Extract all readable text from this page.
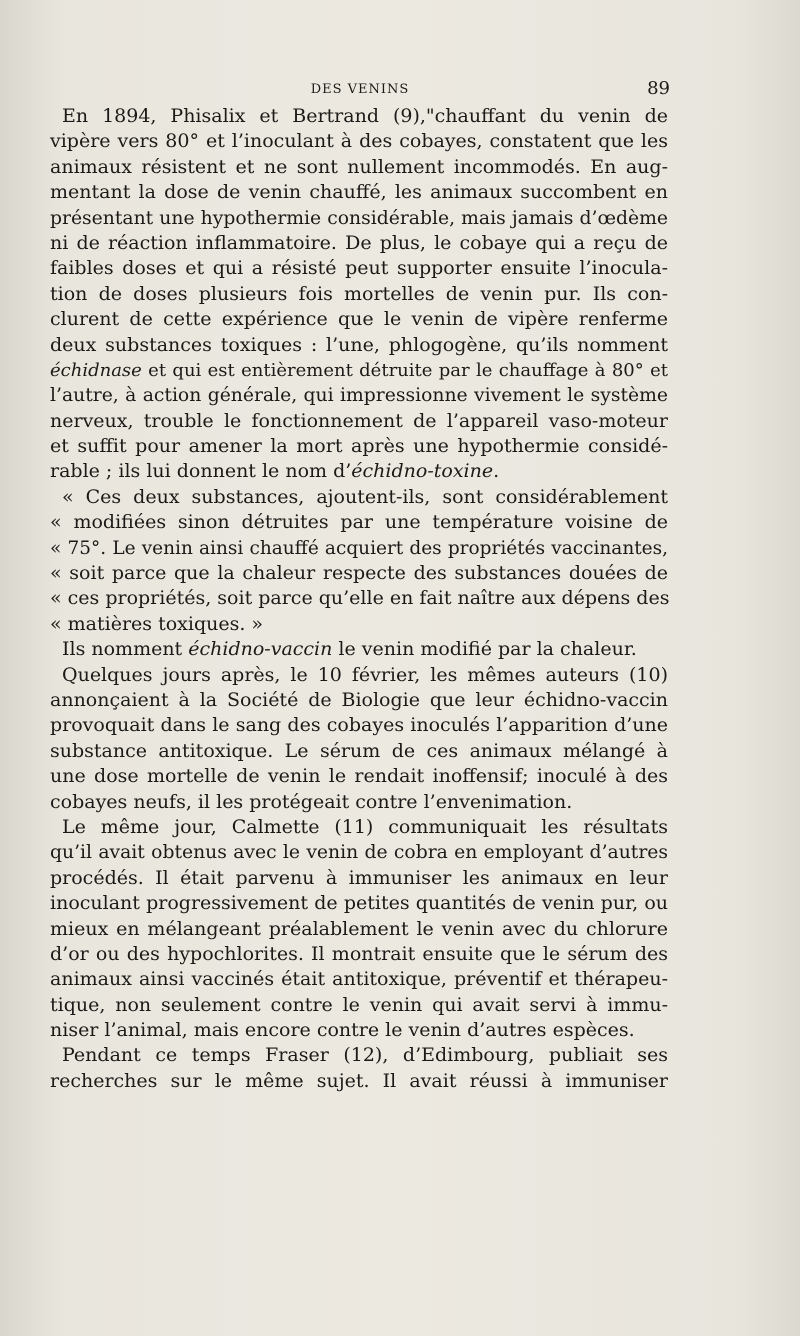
DES VENINS	89
En 1894, Phisalix et Bertrand (9),"chauffant du venin de
vipère vers 80° et l’inoculant à des cobayes, constatent que les
animaux résistent et ne sont nullement incommodés. En aug-
mentant la dose de venin chauffé, les animaux succombent en
présentant une hypothermie considérable, mais jamais d’œdème
ni de réaction inflammatoire. De plus, le cobaye qui a reçu de
faibles doses et qui a résisté peut supporter ensuite l’inocula-
tion de doses plusieurs fois mortelles de venin pur. Ils con-
clurent de cette expérience que le venin de vipère renferme
deux substances toxiques : l’une, phlogogène, qu’ils nomment
échidnase et qui est entièrement détruite par le chauffage à 80° et
l’autre, à action générale, qui impressionne vivement le système
nerveux, trouble le fonctionnement de l’appareil vaso-moteur
et suffit pour amener la mort après une hypothermie considé-
rable ; ils lui donnent le nom d’échidno-toxine.
« Ces deux substances, ajoutent-ils, sont considérablement
« modifiées sinon détruites par une température voisine de
« 75°. Le venin ainsi chauffé acquiert des propriétés vaccinantes,
« soit parce que la chaleur respecte des substances douées de
« ces propriétés, soit parce qu’elle en fait naître aux dépens des
« matières toxiques. »
Ils nomment échidno-vaccin le venin modifié par la chaleur.
Quelques jours après, le 10 février, les mêmes auteurs (10)
annonçaient à la Société de Biologie que leur échidno-vaccin
provoquait dans le sang des cobayes inoculés l’apparition d’une
substance antitoxique. Le sérum de ces animaux mélangé à
une dose mortelle de venin le rendait inoffensif; inoculé à des
cobayes neufs, il les protégeait contre l’envenimation.
Le même jour, Calmette (11) communiquait les résultats
qu’il avait obtenus avec le venin de cobra en employant d’autres
procédés. Il était parvenu à immuniser les animaux en leur
inoculant progressivement de petites quantités de venin pur, ou
mieux en mélangeant préalablement le venin avec du chlorure
d’or ou des hypochlorites. Il montrait ensuite que le sérum des
animaux ainsi vaccinés était antitoxique, préventif et thérapeu-
tique, non seulement contre le venin qui avait servi à immu-
niser l’animal, mais encore contre le venin d’autres espèces.
Pendant ce temps Fraser (12), d’Edimbourg, publiait ses
recherches sur le même sujet. Il avait réussi à immuniser
